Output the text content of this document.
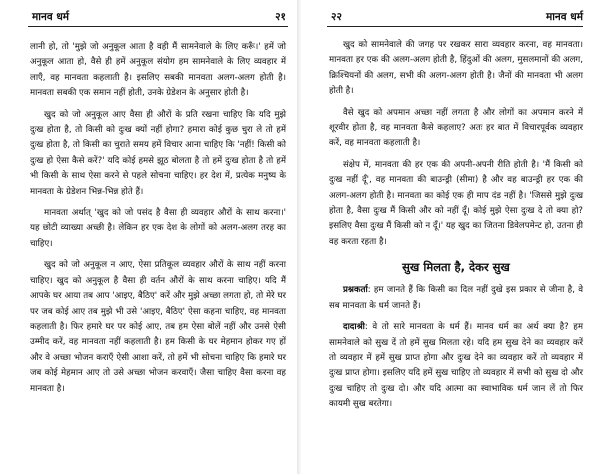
मानव धर्म	२१

लानी हो, तो 'मुझे जो अनुकूल आता है वही मैं सामनेवाले के लिए करूँ।' हमें जो अनुकूल आता हो, वैसे ही हमें अनुकूल संयोग हम सामनेवाले के लिए व्यवहार में लाएँ, वह मानवता कहलाती है। इसलिए सबकी मानवता अलग-अलग होती है। मानवता सबकी एक समान नहीं होती, उनके ग्रेडेशन के अनुसार होती है।

खुद को जो अनुकूल आए वैसा ही औरों के प्रति रखना चाहिए कि यदि मुझे दुःख होता है, तो किसी को दुःख क्यों नहीं होगा? हमारा कोई कुछ चुरा ले तो हमें दुःख होता है, तो किसी का चुराते समय हमें विचार आना चाहिए कि 'नहीं! किसी को दुःख हो ऐसा कैसे करें?' यदि कोई हमसे झूठ बोलता है तो हमें दुःख होता है तो हमें भी किसी के साथ ऐसा करने से पहले सोचना चाहिए। हर देश में, प्रत्येक मनुष्य के मानवता के ग्रेडेशन भिन्न-भिन्न होते हैं।

मानवता अर्थात् 'खुद को जो पसंद है वैसा ही व्यवहार औरों के साथ करना।' यह छोटी व्याख्या अच्छी है। लेकिन हर एक देश के लोगों को अलग-अलग तरह का चाहिए।

खुद को जो अनुकूल न आए, ऐसा प्रतिकूल व्यवहार औरों के साथ नहीं करना चाहिए। खुद को अनुकूल है वैसा ही वर्तन औरों के साथ करना चाहिए। यदि मैं आपके घर आया तब आप 'आइए, बैठिए' करें और मुझे अच्छा लगता हो, तो मेरे घर पर जब कोई आए तब मुझे भी उसे 'आइए, बैठिए' ऐसा कहना चाहिए, वह मानवता कहलाती है। फिर हमारे घर पर कोई आए, तब हम ऐसा बोलें नहीं और उनसे ऐसी उम्मीद करें, वह मानवता नहीं कहलाती है। हम किसी के घर मेहमान होकर गए हों और वे अच्छा भोजन कराएँ ऐसी आशा करें, तो हमें भी सोचना चाहिए कि हमारे घर जब कोई मेहमान आए तो उसे अच्छा भोजन करवाएँ। जैसा चाहिए वैसा करना वह मानवता है।

२२	मानव धर्म

खुद को सामनेवाले की जगह पर रखकर सारा व्यवहार करना, वह मानवता। मानवता हर एक की अलग-अलग होती है, हिंदुओं की अलग, मुसलमानों की अलग, क्रिश्चियनों की अलग, सभी की अलग-अलग होती है। जैनों की मानवता भी अलग होती है।

वैसे खुद को अपमान अच्छा नहीं लगता है और लोगों का अपमान करने में शूरवीर होता है, वह मानवता कैसे कहलाए? अतः हर बात में विचारपूर्वक व्यवहार करें, वह मानवता कहलाती है।

संक्षेप में, मानवता की हर एक की अपनी-अपनी रीति होती है। 'मैं किसी को दुःख नहीं दूँ', वह मानवता की बाउन्ड्री (सीमा) है और वह बाउन्ड्री हर एक की अलग-अलग होती है। मानवता का कोई एक ही माप दंड नहीं है। 'जिससे मुझे दुःख होता है, वैसा दुःख मैं किसी और को नहीं दूँ। कोई मुझे ऐसा दुःख दे तो क्या हो? इसलिए वैसा दुःख मैं किसी को न दूँ।' यह खुद का जितना डिवेलपमेन्ट हो, उतना ही वह करता रहता है।

सुख मिलता है, देकर सुख

प्रश्नकर्ता: हम जानते हैं कि किसी का दिल नहीं दुखे इस प्रकार से जीना है, वे सब मानवता के धर्म जानते हैं।

दादाश्री: वे तो सारे मानवता के धर्म हैं। मानव धर्म का अर्थ क्या है? हम सामनेवाले को सुख दें तो हमें सुख मिलता रहे। यदि हम सुख देने का व्यवहार करें तो व्यवहार में हमें सुख प्राप्त होगा और दुःख देने का व्यवहार करें तो व्यवहार में दुःख प्राप्त होगा। इसलिए यदि हमें सुख चाहिए तो व्यवहार में सभी को सुख दो और दुःख चाहिए तो दुःख दो। और यदि आत्मा का स्वाभाविक धर्म जान लें तो फिर कायमी सुख बरतेगा।
